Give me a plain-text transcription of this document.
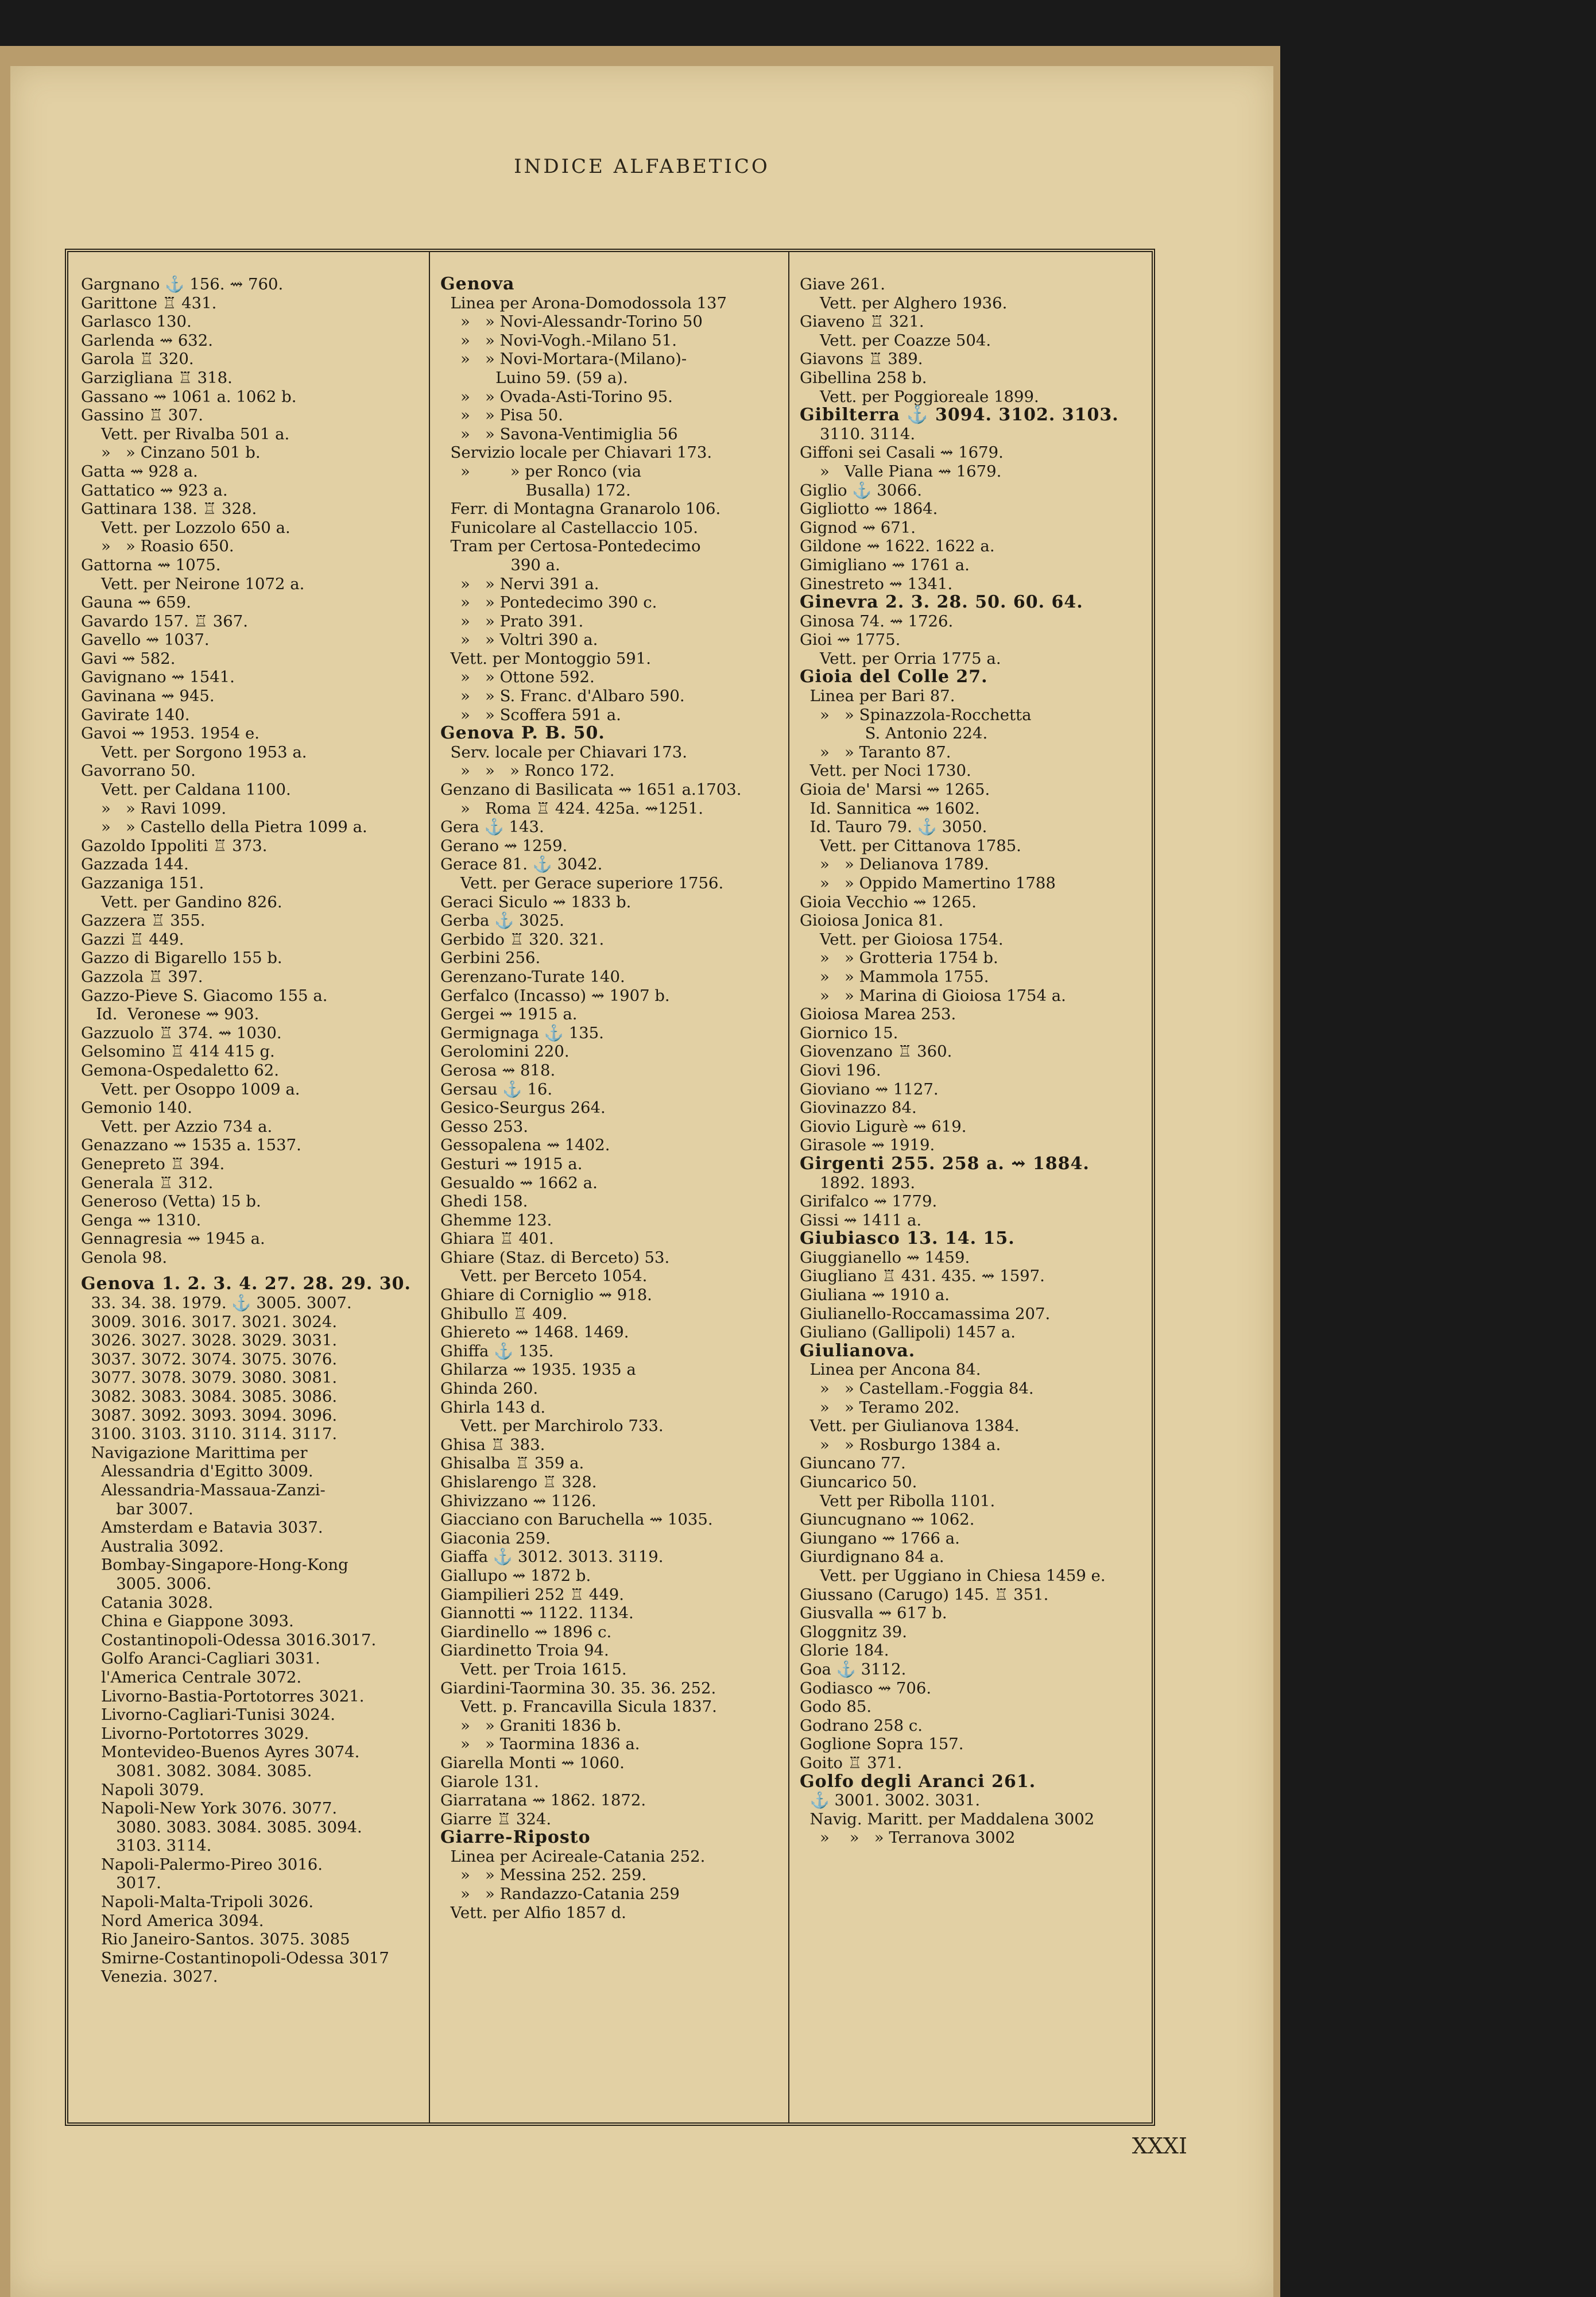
INDICE ALFABETICO

Gargnano ⚓ 156. ⇝ 760.

Garittone ♖ 431.

Garlasco 130.

Garlenda ⇝ 632.

Garola ♖ 320.

Garzigliana ♖ 318.

Gassano ⇝ 1061 a. 1062 b.

Gassino ♖ 307.

Vett. per Rivalba 501 a.

»   » Cinzano 501 b.

Gatta ⇝ 928 a.

Gattatico ⇝ 923 a.

Gattinara 138. ♖ 328.

Vett. per Lozzolo 650 a.

»   » Roasio 650.

Gattorna ⇝ 1075.

Vett. per Neirone 1072 a.

Gauna ⇝ 659.

Gavardo 157. ♖ 367.

Gavello ⇝ 1037.

Gavi ⇝ 582.

Gavignano ⇝ 1541.

Gavinana ⇝ 945.

Gavirate 140.

Gavoi ⇝ 1953. 1954 e.

Vett. per Sorgono 1953 a.

Gavorrano 50.

Vett. per Caldana 1100.

»   » Ravi 1099.

»   » Castello della Pietra 1099 a.

Gazoldo Ippoliti ♖ 373.

Gazzada 144.

Gazzaniga 151.

Vett. per Gandino 826.

Gazzera ♖ 355.

Gazzi ♖ 449.

Gazzo di Bigarello 155 b.

Gazzola ♖ 397.

Gazzo-Pieve S. Giacomo 155 a.

Id.  Veronese ⇝ 903.

Gazzuolo ♖ 374. ⇝ 1030.

Gelsomino ♖ 414 415 g.

Gemona-Ospedaletto 62.

Vett. per Osoppo 1009 a.

Gemonio 140.

Vett. per Azzio 734 a.

Genazzano ⇝ 1535 a. 1537.

Genepreto ♖ 394.

Generala ♖ 312.

Generoso (Vetta) 15 b.

Genga ⇝ 1310.

Gennagresia ⇝ 1945 a.

Genola 98.

Genova 1. 2. 3. 4. 27. 28. 29. 30.

33. 34. 38. 1979. ⚓ 3005. 3007.

3009. 3016. 3017. 3021. 3024.

3026. 3027. 3028. 3029. 3031.

3037. 3072. 3074. 3075. 3076.

3077. 3078. 3079. 3080. 3081.

3082. 3083. 3084. 3085. 3086.

3087. 3092. 3093. 3094. 3096.

3100. 3103. 3110. 3114. 3117.

Navigazione Marittima per

Alessandria d'Egitto 3009.

Alessandria-Massaua-Zanzi-

bar 3007.

Amsterdam e Batavia 3037.

Australia 3092.

Bombay-Singapore-Hong-Kong

3005. 3006.

Catania 3028.

China e Giappone 3093.

Costantinopoli-Odessa 3016.3017.

Golfo Aranci-Cagliari 3031.

l'America Centrale 3072.

Livorno-Bastia-Portotorres 3021.

Livorno-Cagliari-Tunisi 3024.

Livorno-Portotorres 3029.

Montevideo-Buenos Ayres 3074.

3081. 3082. 3084. 3085.

Napoli 3079.

Napoli-New York 3076. 3077.

3080. 3083. 3084. 3085. 3094.

3103. 3114.

Napoli-Palermo-Pireo 3016.

3017.

Napoli-Malta-Tripoli 3026.

Nord America 3094.

Rio Janeiro-Santos. 3075. 3085

Smirne-Costantinopoli-Odessa 3017

Venezia. 3027.

Genova

Linea per Arona-Domodossola 137

»   » Novi-Alessandr-Torino 50

»   » Novi-Vogh.-Milano 51.

»   » Novi-Mortara-(Milano)-

Luino 59. (59 a).

»   » Ovada-Asti-Torino 95.

»   » Pisa 50.

»   » Savona-Ventimiglia 56

Servizio locale per Chiavari 173.

»        » per Ronco (via

Busalla) 172.

Ferr. di Montagna Granarolo 106.

Funicolare al Castellaccio 105.

Tram per Certosa-Pontedecimo

390 a.

»   » Nervi 391 a.

»   » Pontedecimo 390 c.

»   » Prato 391.

»   » Voltri 390 a.

Vett. per Montoggio 591.

»   » Ottone 592.

»   » S. Franc. d'Albaro 590.

»   » Scoffera 591 a.

Genova P. B. 50.

Serv. locale per Chiavari 173.

»   »   » Ronco 172.

Genzano di Basilicata ⇝ 1651 a.1703.

»   Roma ♖ 424. 425a. ⇝1251.

Gera ⚓ 143.

Gerano ⇝ 1259.

Gerace 81. ⚓ 3042.

Vett. per Gerace superiore 1756.

Geraci Siculo ⇝ 1833 b.

Gerba ⚓ 3025.

Gerbido ♖ 320. 321.

Gerbini 256.

Gerenzano-Turate 140.

Gerfalco (Incasso) ⇝ 1907 b.

Gergei ⇝ 1915 a.

Germignaga ⚓ 135.

Gerolomini 220.

Gerosa ⇝ 818.

Gersau ⚓ 16.

Gesico-Seurgus 264.

Gesso 253.

Gessopalena ⇝ 1402.

Gesturi ⇝ 1915 a.

Gesualdo ⇝ 1662 a.

Ghedi 158.

Ghemme 123.

Ghiara ♖ 401.

Ghiare (Staz. di Berceto) 53.

Vett. per Berceto 1054.

Ghiare di Corniglio ⇝ 918.

Ghibullo ♖ 409.

Ghiereto ⇝ 1468. 1469.

Ghiffa ⚓ 135.

Ghilarza ⇝ 1935. 1935 a

Ghinda 260.

Ghirla 143 d.

Vett. per Marchirolo 733.

Ghisa ♖ 383.

Ghisalba ♖ 359 a.

Ghislarengo ♖ 328.

Ghivizzano ⇝ 1126.

Giacciano con Baruchella ⇝ 1035.

Giaconia 259.

Giaffa ⚓ 3012. 3013. 3119.

Giallupo ⇝ 1872 b.

Giampilieri 252 ♖ 449.

Giannotti ⇝ 1122. 1134.

Giardinello ⇝ 1896 c.

Giardinetto Troia 94.

Vett. per Troia 1615.

Giardini-Taormina 30. 35. 36. 252.

Vett. p. Francavilla Sicula 1837.

»   » Graniti 1836 b.

»   » Taormina 1836 a.

Giarella Monti ⇝ 1060.

Giarole 131.

Giarratana ⇝ 1862. 1872.

Giarre ♖ 324.

Giarre-Riposto

Linea per Acireale-Catania 252.

»   » Messina 252. 259.

»   » Randazzo-Catania 259

Vett. per Alfio 1857 d.

Giave 261.

Vett. per Alghero 1936.

Giaveno ♖ 321.

Vett. per Coazze 504.

Giavons ♖ 389.

Gibellina 258 b.

Vett. per Poggioreale 1899.

Gibilterra ⚓ 3094. 3102. 3103.

3110. 3114.

Giffoni sei Casali ⇝ 1679.

»   Valle Piana ⇝ 1679.

Giglio ⚓ 3066.

Gigliotto ⇝ 1864.

Gignod ⇝ 671.

Gildone ⇝ 1622. 1622 a.

Gimigliano ⇝ 1761 a.

Ginestreto ⇝ 1341.

Ginevra 2. 3. 28. 50. 60. 64.

Ginosa 74. ⇝ 1726.

Gioi ⇝ 1775.

Vett. per Orria 1775 a.

Gioia del Colle 27.

Linea per Bari 87.

»   » Spinazzola-Rocchetta

S. Antonio 224.

»   » Taranto 87.

Vett. per Noci 1730.

Gioia de' Marsi ⇝ 1265.

Id. Sannitica ⇝ 1602.

Id. Tauro 79. ⚓ 3050.

Vett. per Cittanova 1785.

»   » Delianova 1789.

»   » Oppido Mamertino 1788

Gioia Vecchio ⇝ 1265.

Gioiosa Jonica 81.

Vett. per Gioiosa 1754.

»   » Grotteria 1754 b.

»   » Mammola 1755.

»   » Marina di Gioiosa 1754 a.

Gioiosa Marea 253.

Giornico 15.

Giovenzano ♖ 360.

Giovi 196.

Gioviano ⇝ 1127.

Giovinazzo 84.

Giovio Ligurè ⇝ 619.

Girasole ⇝ 1919.

Girgenti 255. 258 a. ⇝ 1884.

1892. 1893.

Girifalco ⇝ 1779.

Gissi ⇝ 1411 a.

Giubiasco 13. 14. 15.

Giuggianello ⇝ 1459.

Giugliano ♖ 431. 435. ⇝ 1597.

Giuliana ⇝ 1910 a.

Giulianello-Roccamassima 207.

Giuliano (Gallipoli) 1457 a.

Giulianova.

Linea per Ancona 84.

»   » Castellam.-Foggia 84.

»   » Teramo 202.

Vett. per Giulianova 1384.

»   » Rosburgo 1384 a.

Giuncano 77.

Giuncarico 50.

Vett per Ribolla 1101.

Giuncugnano ⇝ 1062.

Giungano ⇝ 1766 a.

Giurdignano 84 a.

Vett. per Uggiano in Chiesa 1459 e.

Giussano (Carugo) 145. ♖ 351.

Giusvalla ⇝ 617 b.

Gloggnitz 39.

Glorie 184.

Goa ⚓ 3112.

Godiasco ⇝ 706.

Godo 85.

Godrano 258 c.

Goglione Sopra 157.

Goito ♖ 371.

Golfo degli Aranci 261.

⚓ 3001. 3002. 3031.

Navig. Maritt. per Maddalena 3002

»    »   » Terranova 3002

XXXI
